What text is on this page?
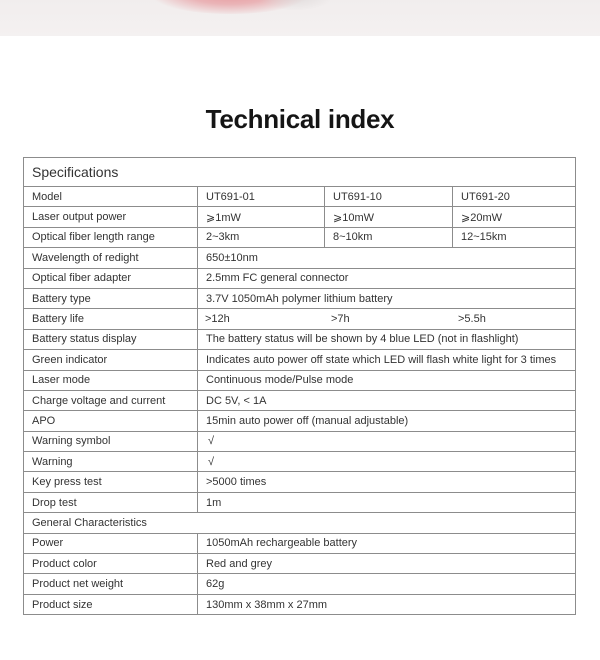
Technical index
Specifications			
Model	UT691-01	UT691-10	UT691-20
Laser output power	⩾1mW	⩾10mW	⩾20mW
Optical fiber length range	2~3km	8~10km	12~15km
Wavelength of redight	650±10nm		
Optical fiber adapter	2.5mm FC general connector		
Battery type	3.7V 1050mAh polymer lithium battery		
Battery life	>12h >7h >5.5h		

Battery status display	The battery status will be shown by 4 blue LED (not in flashlight)		
Green indicator	Indicates auto power off state which LED will flash white light for 3 times		
Laser mode	Continuous mode/Pulse mode		
Charge voltage and current	DC 5V, < 1A		
APO	15min auto power off (manual adjustable)		
Warning symbol	√		
Warning	√		
Key press test	>5000 times		
Drop test	1m		
General Characteristics			
Power	1050mAh rechargeable battery		
Product color	Red and grey		
Product net weight	62g		
Product size	130mm x 38mm x 27mm		
